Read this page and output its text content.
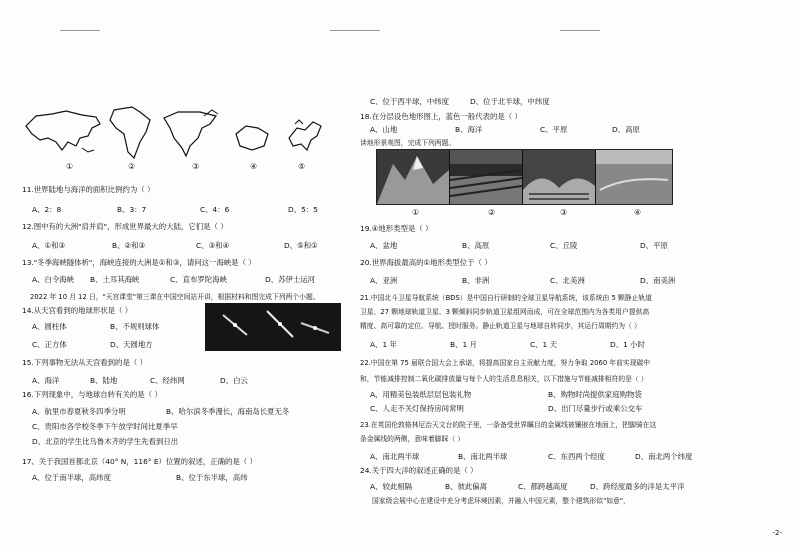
①	②	③	④	⑤
11.世界陆地与海洋的面积比例约为（ ）
A、2：8	B、3：7	C、4：6	D、5：5
12.图中有的大洲"肩并肩"，形成世界最大的大陆，它们是（ ）
A、①和③	B、②和③	C、③和④	D、⑤和①
13."冬季海峡隧体析"，海峡连接的大洲是①和③，请问这一海峡是（ ）
A、白令海峡 B、土耳其海峡	C、直布罗陀海峡	D、苏伊士运河
2022 年 10 月 12 日，"天宫课堂"第三课在中国空间站开讲，根据材料和图完成下列两个小题。
14.从天宫看到的地球形状是（ ）
A、圆柱体	B、不规则球体
C、正方体	D、天圆地方
15.下列事物无法从天宫看到的是（ ）
A、海洋	B、陆地	C、经纬网	D、白云
16.下列现象中，与地球自转有关的是（ ）
A、航里市春夏秋冬四季分明	B、哈尔滨冬季漫长，海南岛长夏无冬
C、贵阳市各学校冬季下午放学时间比夏季早
D、北京的学生比乌鲁木齐的学生先看到日出
17、关于我国首都北京（40° N，116° E）位置的叙述，正确的是（ ）
A、位于南半球，高纬度	B、位于东半球，高纬
C、位于西半球，中纬度	D、位于北半球，中纬度
18.在分层设色地形图上，蓝色一般代表的是（ ）
A、山地	B、海洋	C、平原	D、高原
读地形景观图，完成下列两题。
①	②	③	④
19.④地形类型是（ ）
A、盆地	B、高原	C、丘陵	D、平原
20.世界海拔最高的①地形类型位于（ ）
A、亚洲	B、非洲	C、北美洲	D、南美洲
21.中国北斗卫星导航系统（BDS）是中国自行研制的全球卫星导航系统，该系统由 5 颗静止轨道
卫星、27 颗地球轨道卫星、3 颗倾斜同步轨道卫星组网而成，可在全球范围内为各类用户提供高
精度、高可靠的定位、导航、授时服务。静止轨道卫星与地球自转同步，其运行周期约为（ ）
A、1 年	B、1 月	C、1 天	D、1 小时
22.中国在第 75 届联合国大会上承诺，将提高国家自主贡献力度，努力争取 2060 年前实现碳中
和，节能减排控制二氧化碳排放量与每个人的生活息息相关，以下措施与节能减排相符的是（ ）
A、用精美包装纸层层包装礼物	B、购物时尚提供家庭购物袋
C、人走不关灯保持房间常明	D、出门尽量步行或乘公交车
23.在英国伦敦格林尼治天文台的院子里，一条备受世界瞩目的金属线被镶嵌在地面上，把脚骑在这
条金属线的两侧，意味着脚踩（ ）
A、南北两半球	B、南北两半球	C、东西两个经度	D、南北两个纬度
24.关于四大洋的叙述正确的是（ ）
A、较此相隔	B、彼此偏离	C、都跨越高度	D、跨经度最多的洋是太平洋
国家级会展中心在建设中充分考虑环境因素，并融入中国元素，整个建筑形似"如意"，
-2-
